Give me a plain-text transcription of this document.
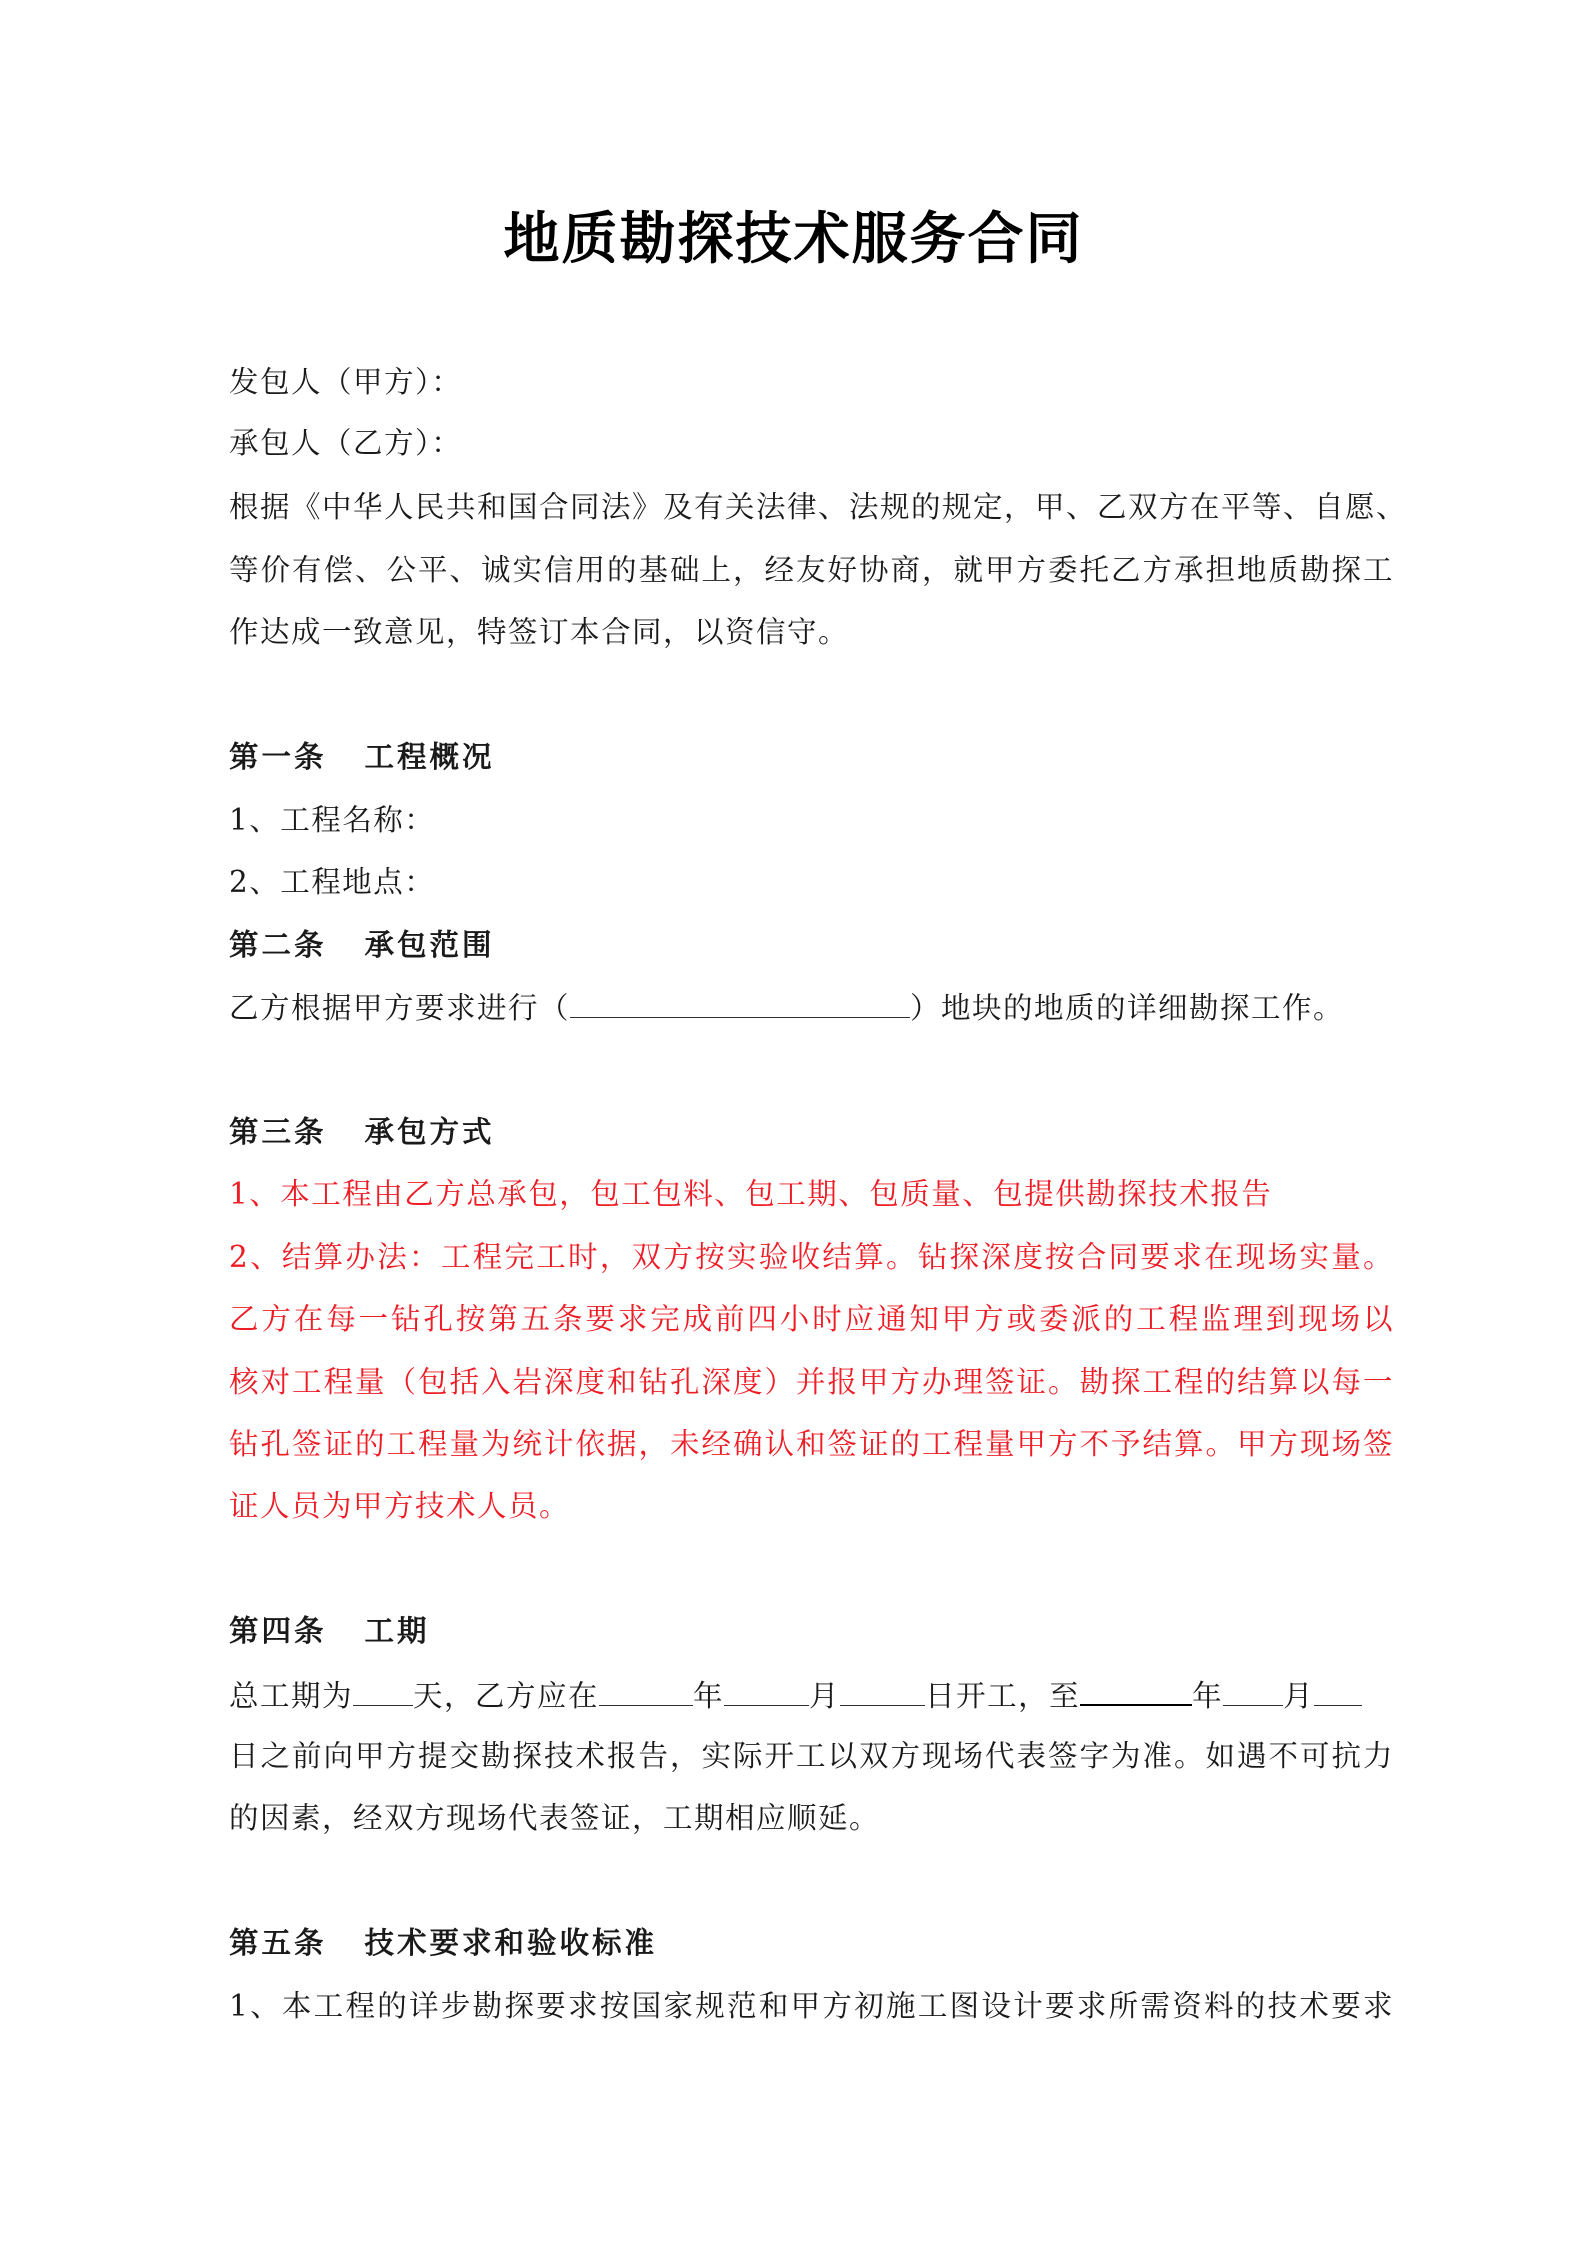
地质勘探技术服务合同
发包人（甲方）：
承包人（乙方）：
根据《中华人民共和国合同法》及有关法律、法规的规定，甲、乙双方在平等、自愿、
等价有偿、公平、诚实信用的基础上，经友好协商，就甲方委托乙方承担地质勘探工
作达成一致意见，特签订本合同，以资信守。
第一条 工程概况
1、工程名称：
2、工程地点：
第二条 承包范围
乙方根据甲方要求进行（	）地块的地质的详细勘探工作。
第三条 承包方式
1、本工程由乙方总承包，包工包料、包工期、包质量、包提供勘探技术报告
2、结算办法：工程完工时，双方按实验收结算。钻探深度按合同要求在现场实量。
乙方在每一钻孔按第五条要求完成前四小时应通知甲方或委派的工程监理到现场以
核对工程量（包括入岩深度和钻孔深度）并报甲方办理签证。勘探工程的结算以每一
钻孔签证的工程量为统计依据，未经确认和签证的工程量甲方不予结算。甲方现场签
证人员为甲方技术人员。
第四条 工期
总工期为 天，乙方应在	年	月	日开工，至	年 月
日之前向甲方提交勘探技术报告，实际开工以双方现场代表签字为准。如遇不可抗力
的因素，经双方现场代表签证，工期相应顺延。
第五条 技术要求和验收标准
1、本工程的详步勘探要求按国家规范和甲方初施工图设计要求所需资料的技术要求
